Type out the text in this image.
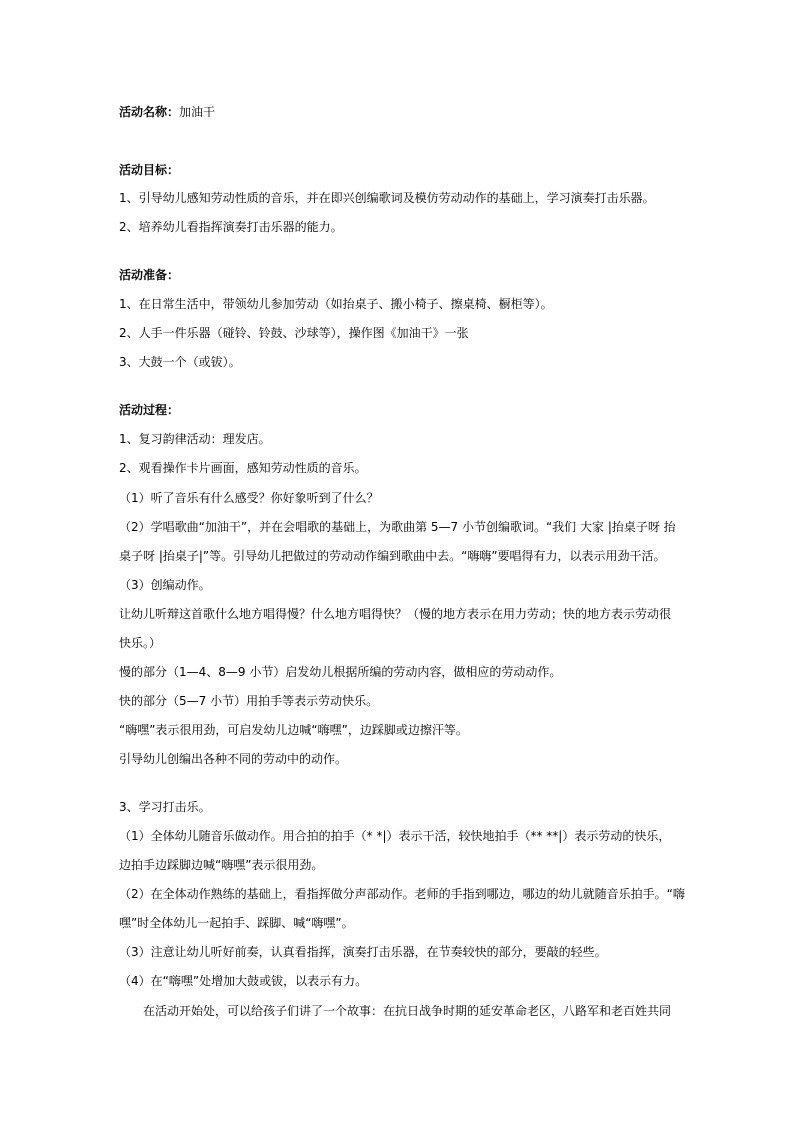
活动名称：加油干
活动目标：
1、引导幼儿感知劳动性质的音乐，并在即兴创编歌词及模仿劳动动作的基础上，学习演奏打击乐器。
2、培养幼儿看指挥演奏打击乐器的能力。
活动准备：
1、在日常生活中，带领幼儿参加劳动（如抬桌子、搬小椅子、擦桌椅、橱柜等）。
2、人手一件乐器（碰铃、铃鼓、沙球等），操作图《加油干》一张
3、大鼓一个（或钹）。
活动过程：
1、复习韵律活动：理发店。
2、观看操作卡片画面，感知劳动性质的音乐。
（1）听了音乐有什么感受？你好象听到了什么？
（2）学唱歌曲“加油干”，并在会唱歌的基础上，为歌曲第 5—7 小节创编歌词。“我们 大家 |抬桌子呀 抬
桌子呀 |抬桌子|”等。引导幼儿把做过的劳动动作编到歌曲中去。“嗨嗨”要唱得有力，以表示用劲干活。
（3）创编动作。
让幼儿听辩这首歌什么地方唱得慢？什么地方唱得快？（慢的地方表示在用力劳动；快的地方表示劳动很
快乐。）
慢的部分（1—4、8—9 小节）启发幼儿根据所编的劳动内容，做相应的劳动动作。
快的部分（5—7 小节）用拍手等表示劳动快乐。
“嗨嘿”表示很用劲，可启发幼儿边喊“嗨嘿”，边踩脚或边擦汗等。
引导幼儿创编出各种不同的劳动中的动作。
3、学习打击乐。
（1）全体幼儿随音乐做动作。用合拍的拍手（* *|）表示干活，较快地拍手（** **|）表示劳动的快乐，
边拍手边踩脚边喊“嗨嘿”表示很用劲。
（2）在全体动作熟练的基础上，看指挥做分声部动作。老师的手指到哪边，哪边的幼儿就随音乐拍手。“嗨
嘿”时全体幼儿一起拍手、踩脚、喊“嗨嘿”。
（3）注意让幼儿听好前奏，认真看指挥，演奏打击乐器，在节奏较快的部分，要敲的轻些。
（4）在“嗨嘿”处增加大鼓或钹，以表示有力。
在活动开始处，可以给孩子们讲了一个故事：在抗日战争时期的延安革命老区，八路军和老百姓共同
